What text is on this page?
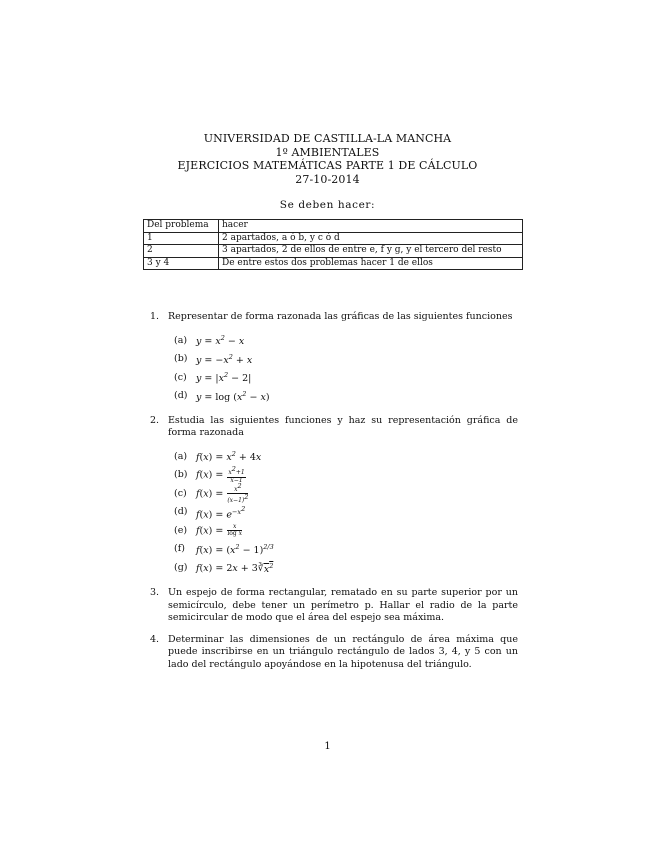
UNIVERSIDAD DE CASTILLA-LA MANCHA
1º AMBIENTALES
EJERCICIOS MATEMÁTICAS PARTE 1 DE CÁLCULO
27-10-2014
Se deben hacer:
Del problema	hacer
1	2 apartados, a ó b, y c ó d
2	3 apartados, 2 de ellos de entre e, f y g, y el tercero del resto
3 y 4	De entre estos dos problemas hacer 1 de ellos
1. Representar de forma razonada las gráficas de las siguientes funciones
(a) $y = x^2 - x$
(b) $y = -x^2 + x$
(c) $y = |x^2 - 2|$
(d) $y = \log (x^2 - x)$
2. Estudia las siguientes funciones y haz su representación gráfica de forma razonada
(a) $f(x) = x^2 + 4x$
(b) $f(x) = \frac{x^2+1}{x-1}$
(c) $f(x) = \frac{x^2}{(x-1)^2}$
(d) $f(x) = e^{-x^2}$
(e) $f(x) = \frac{x}{\text{log x}}$
(f)	$f(x) = (x^2 - 1)^{2/3}$
(g) $f(x) = 2x + 3∛x^2$
3. Un espejo de forma rectangular, rematado en su parte superior por un semicírculo, debe tener un perímetro p. Hallar el radio de la parte semicircular de modo que el área del espejo sea máxima.
4. Determinar las dimensiones de un rectángulo de área máxima que puede inscribirse en un triángulo rectángulo de lados 3, 4, y 5 con un lado del rectángulo apoyándose en la hipotenusa del triángulo.
1
